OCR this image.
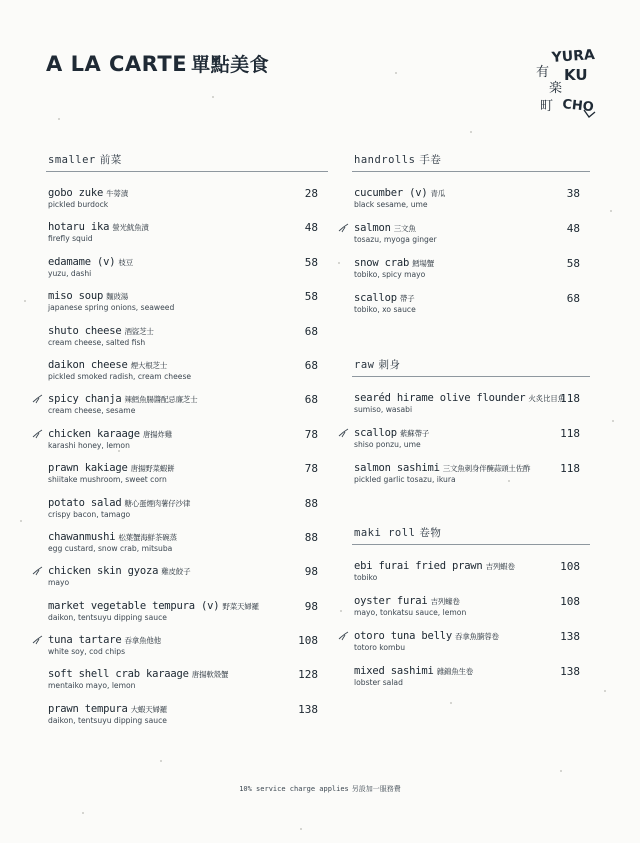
A LA CARTE 單點美食	YURA
有 KU
楽
町 CHO
smaller 前菜
gobo zuke 牛蒡漬
pickled burdock
28
hotaru ika 螢光魷魚漬
firefly squid
48
edamame (v) 枝豆
yuzu, dashi
58
miso soup 麵豉湯
japanese spring onions, seaweed
58
shuto cheese 酒盜芝士
cream cheese, salted fish
68
daikon cheese 煙大根芝士
pickled smoked radish, cream cheese
68
spicy chanja 辣鱈魚腸醬配忌廉芝士
cream cheese, sesame
68
chicken karaage 唐揚炸雞
karashi honey, lemon
78
prawn kakiage 唐揚野菜蝦餅
shiitake mushroom, sweet corn
78
potato salad 糖心蛋煙肉薯仔沙律
crispy bacon, tamago
88
chawanmushi 松葉蟹海鮮茶碗蒸
egg custard, snow crab, mitsuba
88
chicken skin gyoza 雞皮餃子
mayo
98
market vegetable tempura (v) 野菜天婦羅
daikon, tentsuyu dipping sauce
98
tuna tartare 吞拿魚他他
white soy, cod chips
108
soft shell crab karaage 唐揚軟殼蟹
mentaiko mayo, lemon
128
prawn tempura 大蝦天婦羅
daikon, tentsuyu dipping sauce
138
handrolls 手卷
cucumber (v) 青瓜
black sesame, ume
38
salmon 三文魚
tosazu, myoga ginger
48
snow crab 鱈場蟹
tobiko, spicy mayo
58
scallop 帶子
tobiko, xo sauce
68
raw 刺身
searéd hirame olive flounder 火炙比目魚
sumiso, wasabi
118
scallop 紫蘇帶子
shiso ponzu, ume
118
salmon sashimi 三文魚刺身伴醃蒜頭土佐酢
pickled garlic tosazu, ikura
118
maki roll 卷物
ebi furai fried prawn 吉列蝦卷
tobiko
108
oyster furai 吉列蠔卷
mayo, tonkatsu sauce, lemon
108
otoro tuna belly 吞拿魚腩蓉卷
totoro kombu
138
mixed sashimi 雜錦魚生卷
lobster salad
138
10% service charge applies 另設加一服務費
